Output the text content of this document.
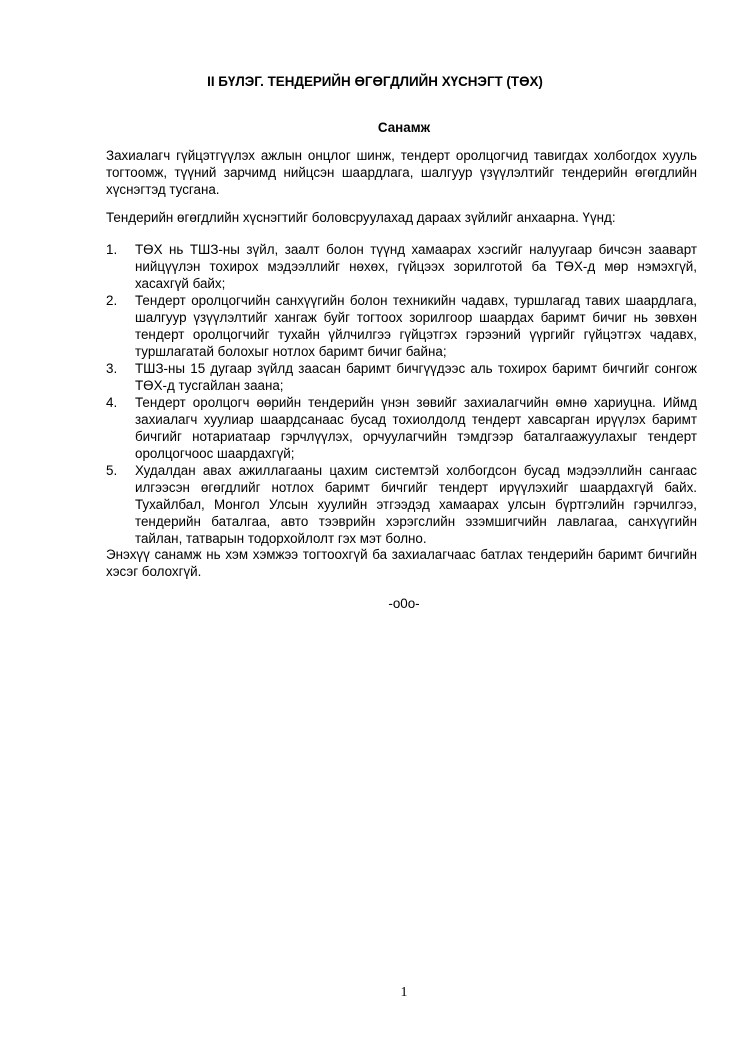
II БҮЛЭГ. ТЕНДЕРИЙН ӨГӨГДЛИЙН ХҮСНЭГТ (ТӨХ)
Санамж

Захиалагч гүйцэтгүүлэх ажлын онцлог шинж, тендерт оролцогчид тавигдах холбогдох хууль тогтоомж, түүний зарчимд нийцсэн шаардлага, шалгуур үзүүлэлтийг тендерийн өгөгдлийн хүснэгтэд тусгана.

Тендерийн өгөгдлийн хүснэгтийг боловсруулахад дараах зүйлийг анхаарна. Үүнд:

1. ТӨХ нь ТШЗ-ны зүйл, заалт болон түүнд хамаарах хэсгийг налуугаар бичсэн зааварт нийцүүлэн тохирох мэдээллийг нөхөх, гүйцээх зорилготой ба ТӨХ-д мөр нэмэхгүй, хасахгүй байх;
2. Тендерт оролцогчийн санхүүгийн болон техникийн чадавх, туршлагад тавих шаардлага, шалгуур үзүүлэлтийг хангаж буйг тогтоох зорилгоор шаардах баримт бичиг нь зөвхөн тендерт оролцогчийг тухайн үйлчилгээ гүйцэтгэх гэрээний үүргийг гүйцэтгэх чадавх, туршлагатай болохыг нотлох баримт бичиг байна;
3. ТШЗ-ны 15 дугаар зүйлд заасан баримт бичгүүдээс аль тохирох баримт бичгийг сонгож ТӨХ-д тусгайлан заана;
4. Тендерт оролцогч өөрийн тендерийн үнэн зөвийг захиалагчийн өмнө хариуцна. Иймд захиалагч хуулиар шаардсанаас бусад тохиолдолд тендерт хавсарган ирүүлэх баримт бичгийг нотариатаар гэрчлүүлэх, орчуулагчийн тэмдгээр баталгаажуулахыг тендерт оролцогчоос шаардахгүй;
5. Худалдан авах ажиллагааны цахим системтэй холбогдсон бусад мэдээллийн сангаас илгээсэн өгөгдлийг нотлох баримт бичгийг тендерт ирүүлэхийг шаардахгүй байх. Тухайлбал, Монгол Улсын хуулийн этгээдэд хамаарах улсын бүртгэлийн гэрчилгээ, тендерийн баталгаа, авто тээврийн хэрэгслийн эзэмшигчийн лавлагаа, санхүүгийн тайлан, татварын тодорхойлолт гэх мэт болно.

Энэхүү санамж нь хэм хэмжээ тогтоохгүй ба захиалагчаас батлах тендерийн баримт бичгийн хэсэг болохгүй.

-o0o-

1
